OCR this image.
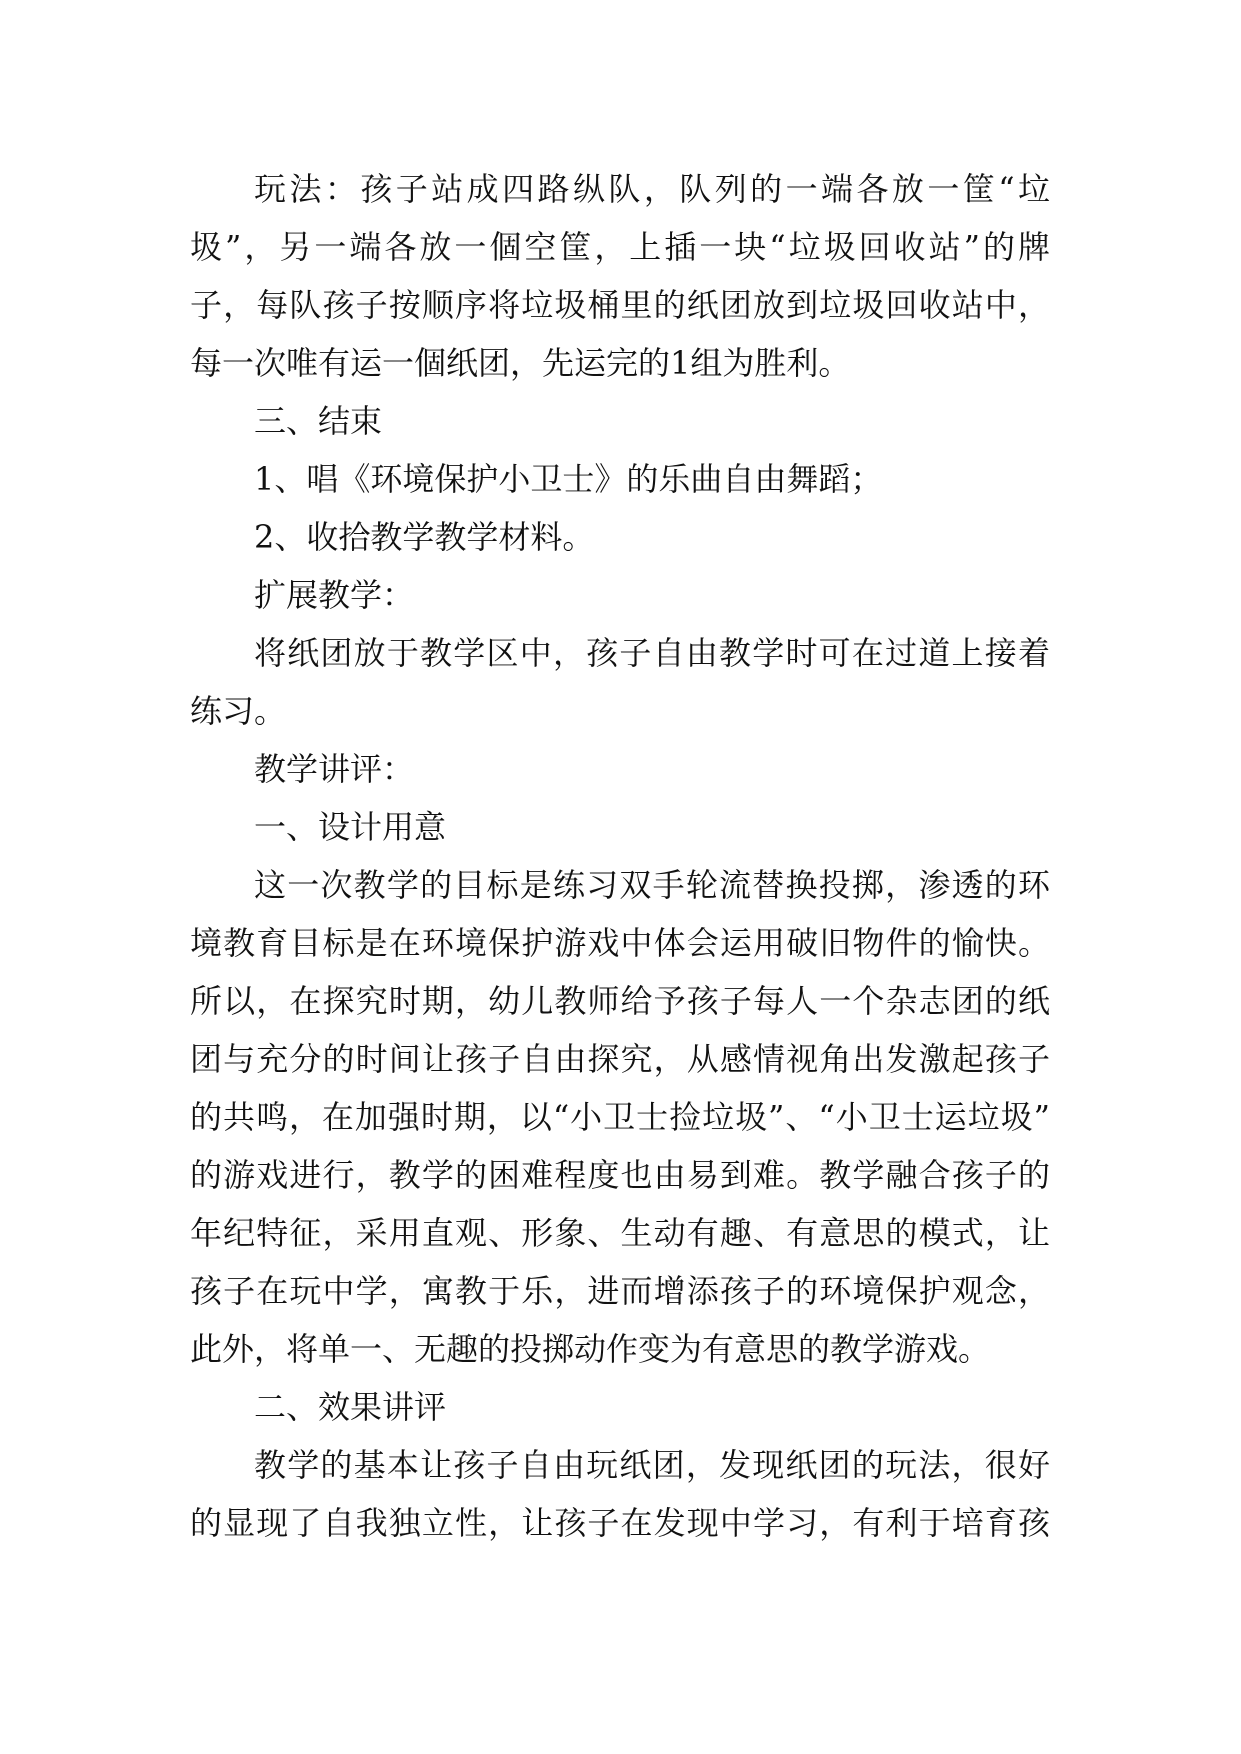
玩法：孩子站成四路纵队，队列的一端各放一筐“垃
圾”，另一端各放一個空筐，上插一块“垃圾回收站”的牌
子，每队孩子按顺序将垃圾桶里的纸团放到垃圾回收站中，
每一次唯有运一個纸团，先运完的1组为胜利。
三、结束
1、唱《环境保护小卫士》的乐曲自由舞蹈；
2、收拾教学教学材料。
扩展教学：
将纸团放于教学区中，孩子自由教学时可在过道上接着
练习。
教学讲评：
一、设计用意
这一次教学的目标是练习双手轮流替换投掷，渗透的环
境教育目标是在环境保护游戏中体会运用破旧物件的愉快。
所以，在探究时期，幼儿教师给予孩子每人一个杂志团的纸
团与充分的时间让孩子自由探究，从感情视角出发激起孩子
的共鸣，在加强时期，以“小卫士捡垃圾”、“小卫士运垃圾”
的游戏进行，教学的困难程度也由易到难。教学融合孩子的
年纪特征，采用直观、形象、生动有趣、有意思的模式，让
孩子在玩中学，寓教于乐，进而增添孩子的环境保护观念，
此外，将单一、无趣的投掷动作变为有意思的教学游戏。
二、效果讲评
教学的基本让孩子自由玩纸团，发现纸团的玩法，很好
的显现了自我独立性，让孩子在发现中学习，有利于培育孩
